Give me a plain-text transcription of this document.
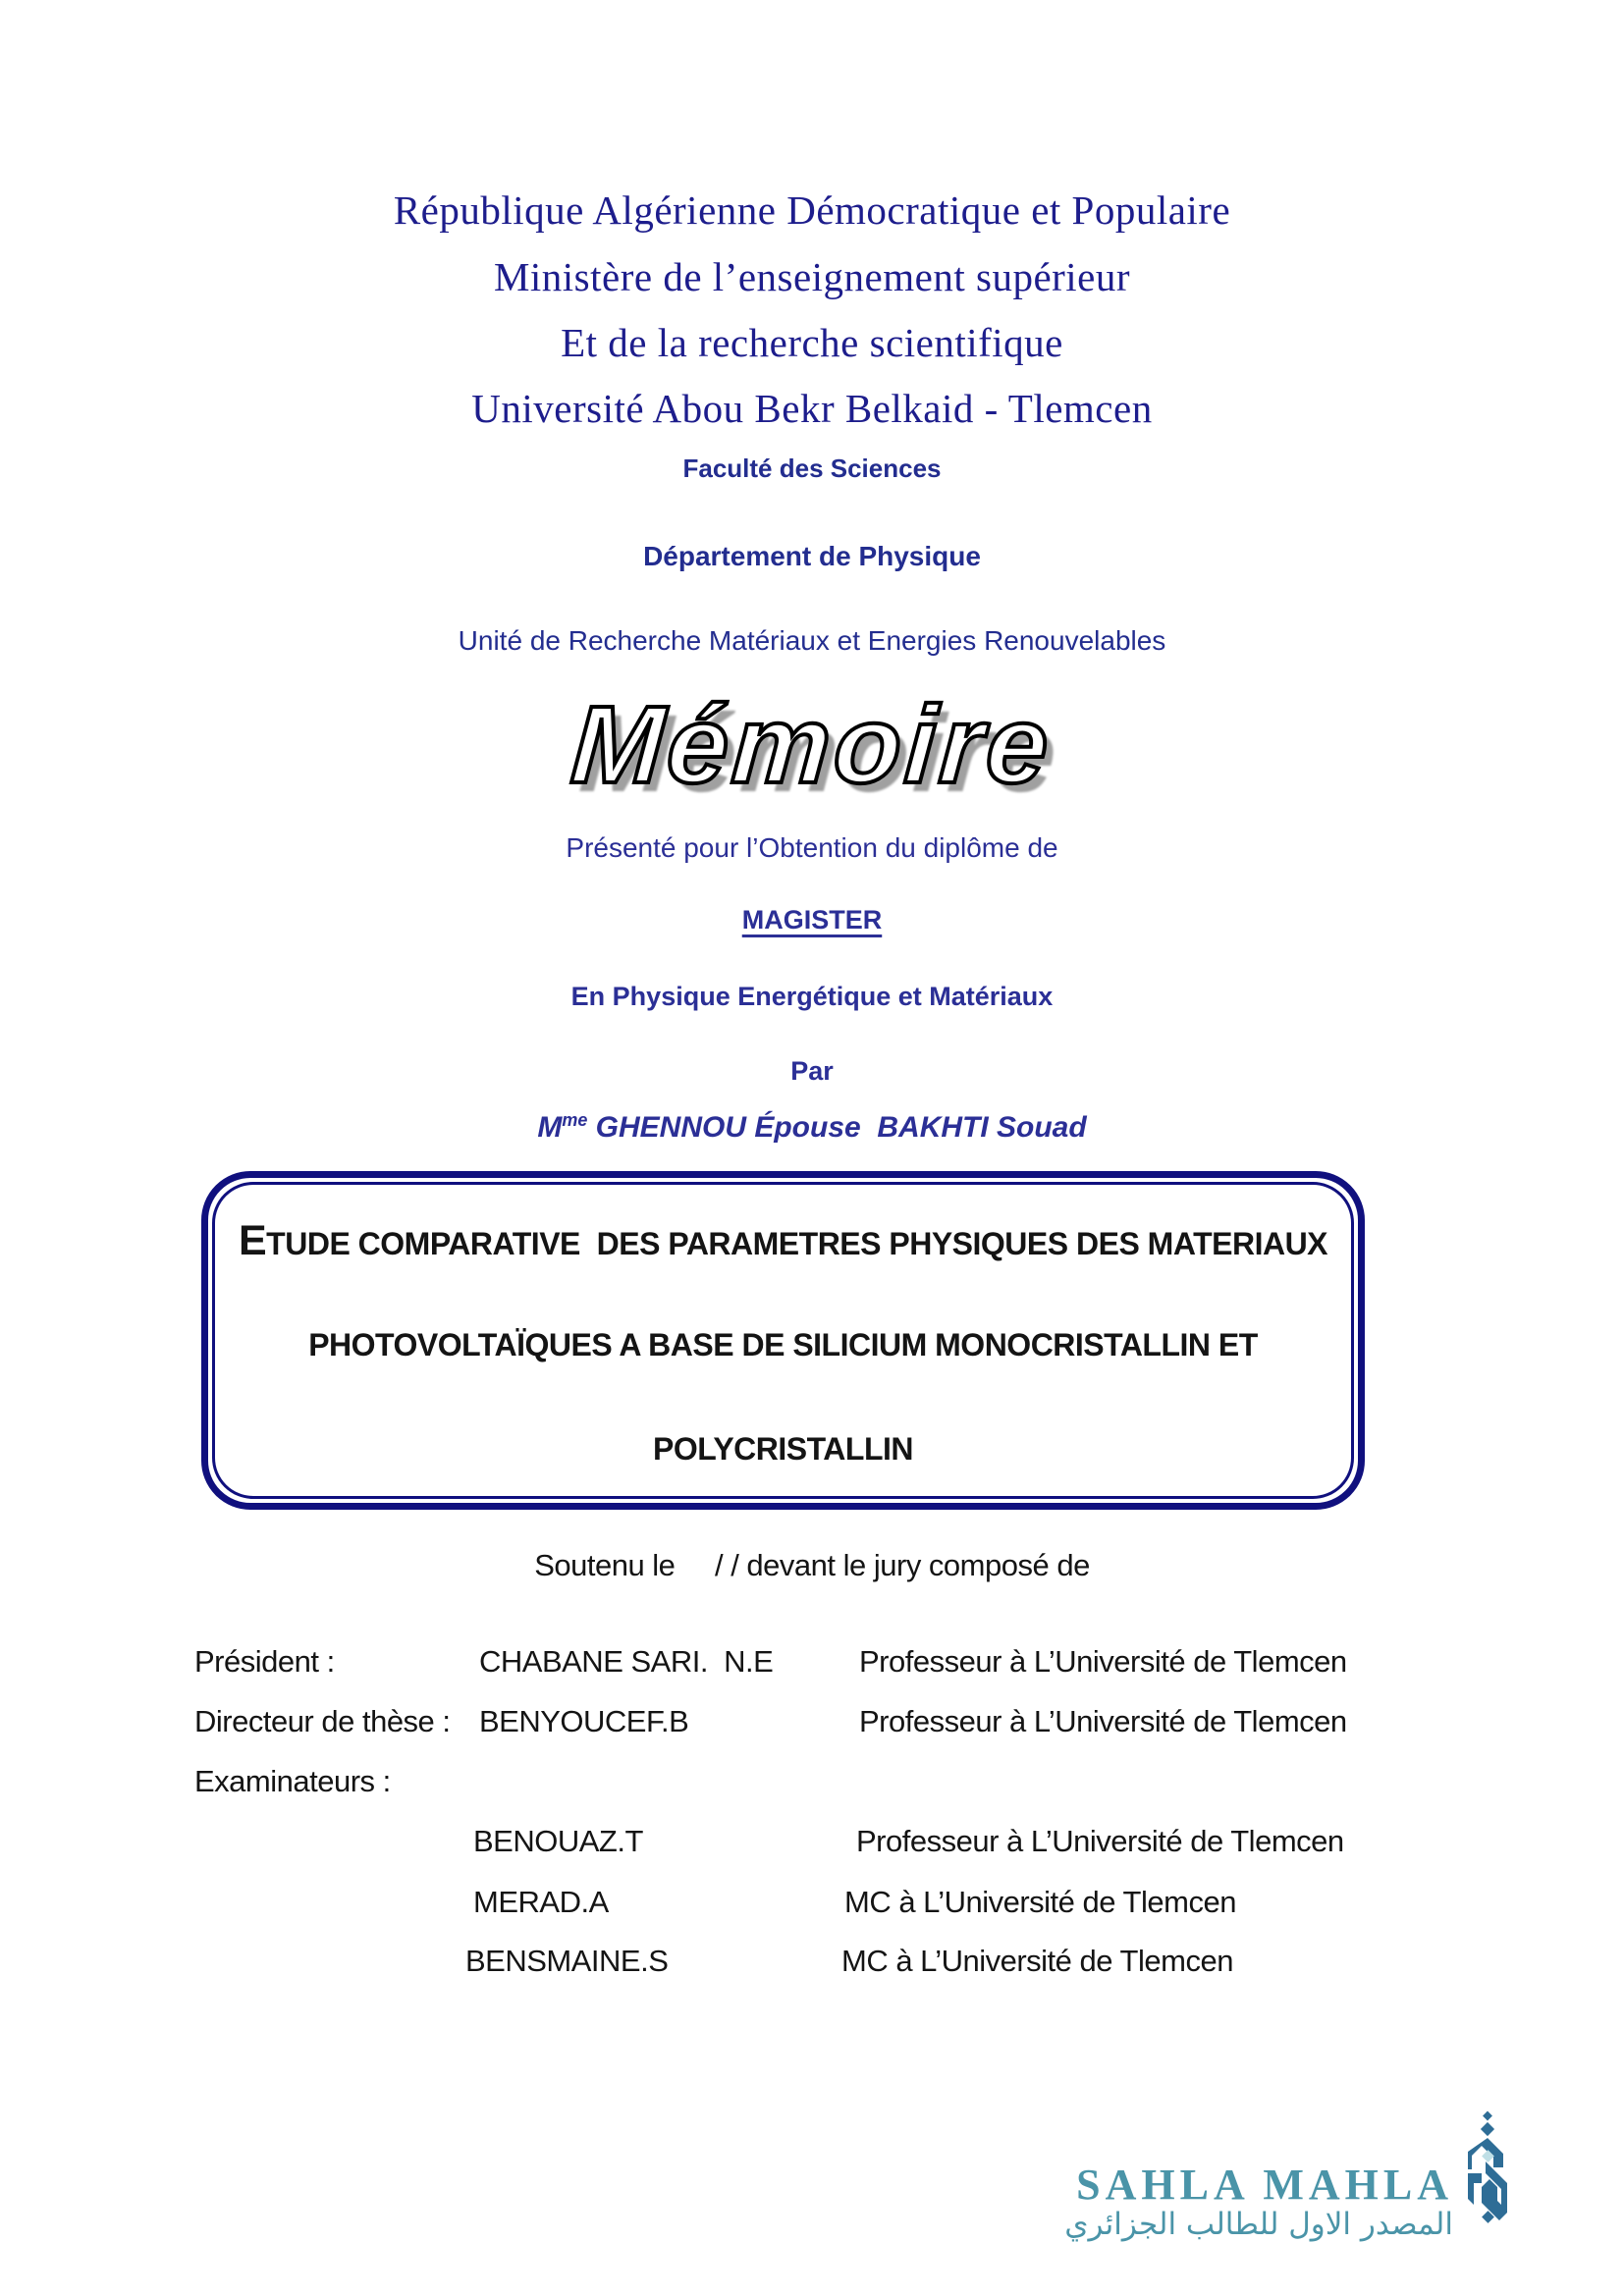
République Algérienne Démocratique et Populaire
Ministère de l’enseignement supérieur
Et de la recherche scientifique
Université Abou Bekr Belkaid - Tlemcen
Faculté des Sciences
Département de Physique
Unité de Recherche Matériaux et Energies Renouvelables
Mémoire
Présenté pour l’Obtention du diplôme de
MAGISTER
En Physique Energétique et Matériaux
Par
$M^{me}$ GHENNOU Épouse  BAKHTI Souad
ETUDE COMPARATIVE  DES PARAMETRES PHYSIQUES DES MATERIAUX
PHOTOVOLTAÏQUES A BASE DE SILICIUM MONOCRISTALLIN ET
POLYCRISTALLIN
Soutenu le     / / devant le jury composé de
Président :	CHABANE SARI.  N.E	Professeur à L’Université de Tlemcen
Directeur de thèse : BENYOUCEF.B	Professeur à L’Université de Tlemcen
Examinateurs :
BENOUAZ.T	Professeur à L’Université de Tlemcen
MERAD.A	MC à L’Université de Tlemcen
BENSMAINE.S	MC à L’Université de Tlemcen
SAHLA MAHLA
المصدر الاول للطالب الجزائري
